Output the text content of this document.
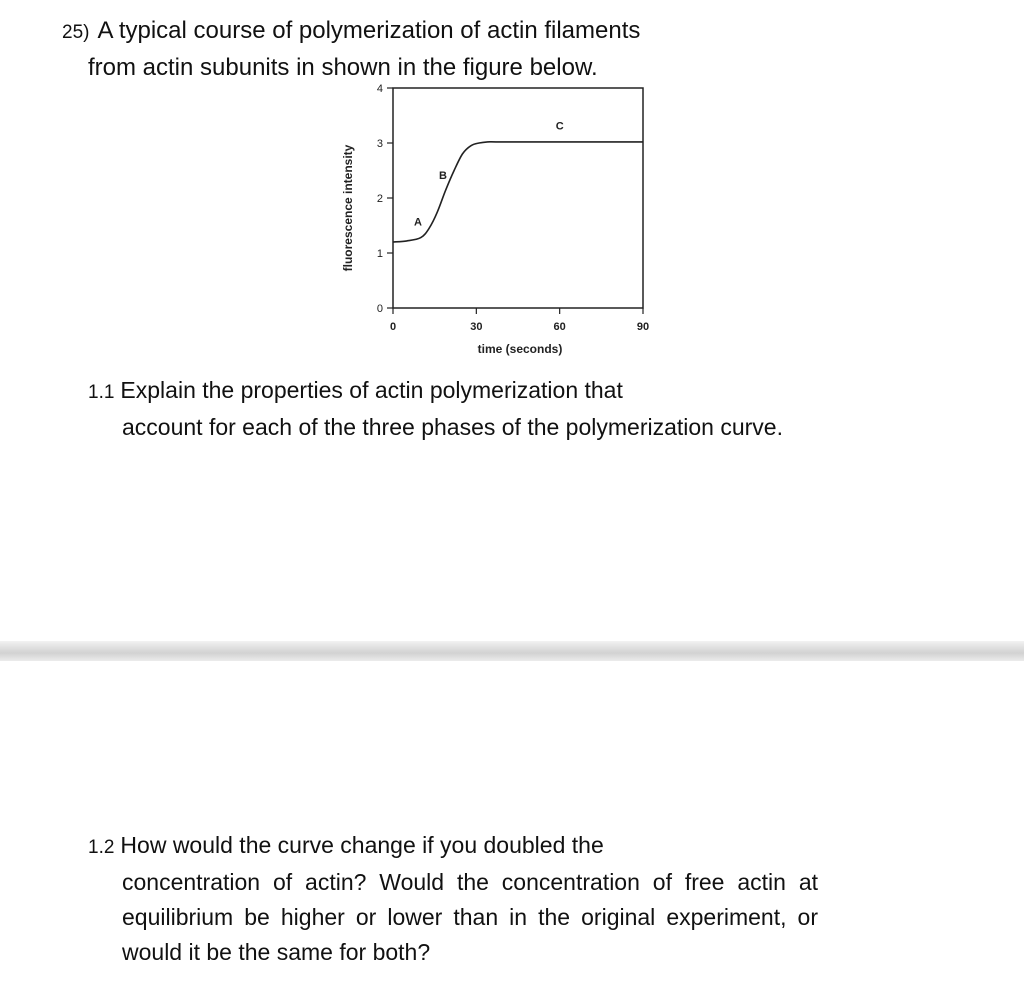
25) A typical course of polymerization of actin filaments
from actin subunits in shown in the figure below.
0
1
2
3
4
0	30	60	90
time (seconds)
fluorescence intensity	A
B
C
1.1 Explain the properties of actin polymerization that
account for each of the three phases of the polymerization curve.
1.2 How would the curve change if you doubled the
concentration of actin? Would the concentration of free actin at equilibrium be higher or lower than in the original experiment, or would it be the same for both?
